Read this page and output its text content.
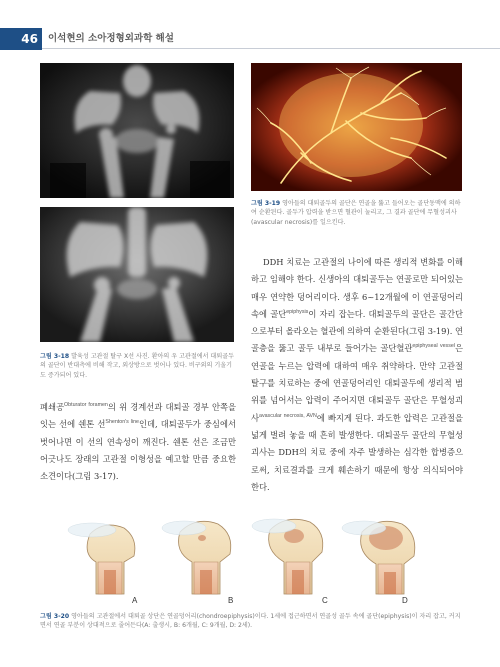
46	이석현의 소아정형외과학 해설
그림 3-18 발육성 고관절 탈구 X선 사진. 환아의 우 고관절에서 대퇴골두의 골단이 반대측에 비해 작고, 외상방으로 벗어나 있다. 비구외의 기울기도 증가되어 있다.
그림 3-19 영아들의 대퇴골두의 골단은 연골을 뚫고 들어오는 골단동맥에 의하여 순환된다. 골두가 압력을 받으면 혈관이 눌리고, 그 결과 골단에 무혈성괴사(avascular necrosis)를 일으킨다.
폐쇄공$^{Obturator foramen}$의 위 경계선과 대퇴골 경부 안쪽을 잇는 선에 쉔톤 선$^{Shenton's line}$인데, 대퇴골두가 중심에서 벗어나면 이 선의 연속성이 깨진다. 쉔톤 선은 조금만 어긋나도 장래의 고관절 이형성을 예고할 만큼 중요한 소견이다(그림 3-17).
DDH 치료는 고관절의 나이에 따른 생리적 변화를 이해하고 임해야 한다. 신생아의 대퇴골두는 연골로만 되어있는 매우 연약한 덩어리이다. 생후 6~12개월에 이 연골덩어리 속에 골단$^{epiphysis}$이 자리 잡는다. 대퇴골두의 골단은 골간단으로부터 올라오는 혈관에 의하여 순환된다(그림 3-19). 연골층을 뚫고 골두 내부로 들어가는 골단혈관$^{epiphyseal vessel}$은 연골을 누르는 압력에 대하여 매우 취약하다. 만약 고관절 탈구를 치료하는 중에 연골덩어리인 대퇴골두에 생리적 범위를 넘어서는 압력이 주어지면 대퇴골두 골단은 무혈성괴사$^{avascular necrosis, AVN}$에 빠지게 된다. 과도한 압력은 고관절을 넓게 벌려 놓을 때 흔히 발생한다. 대퇴골두 골단의 무혈성 괴사는 DDH의 치료 중에 자주 발생하는 심각한 합병증으로써, 치료결과를 크게 훼손하기 때문에 항상 의식되어야 한다.
A	B	C	D
그림 3-20 영아들의 고관절에서 대퇴골 상단은 연골덩어리(chondroepiphysis)이다. 1세에 접근하면서 연골성 골두 속에 골단(epiphysis)이 자리 잡고, 커지면서 연골 부분이 상대적으로 줄어든다(A: 출생시, B: 6개월, C: 9개월, D: 2세).
